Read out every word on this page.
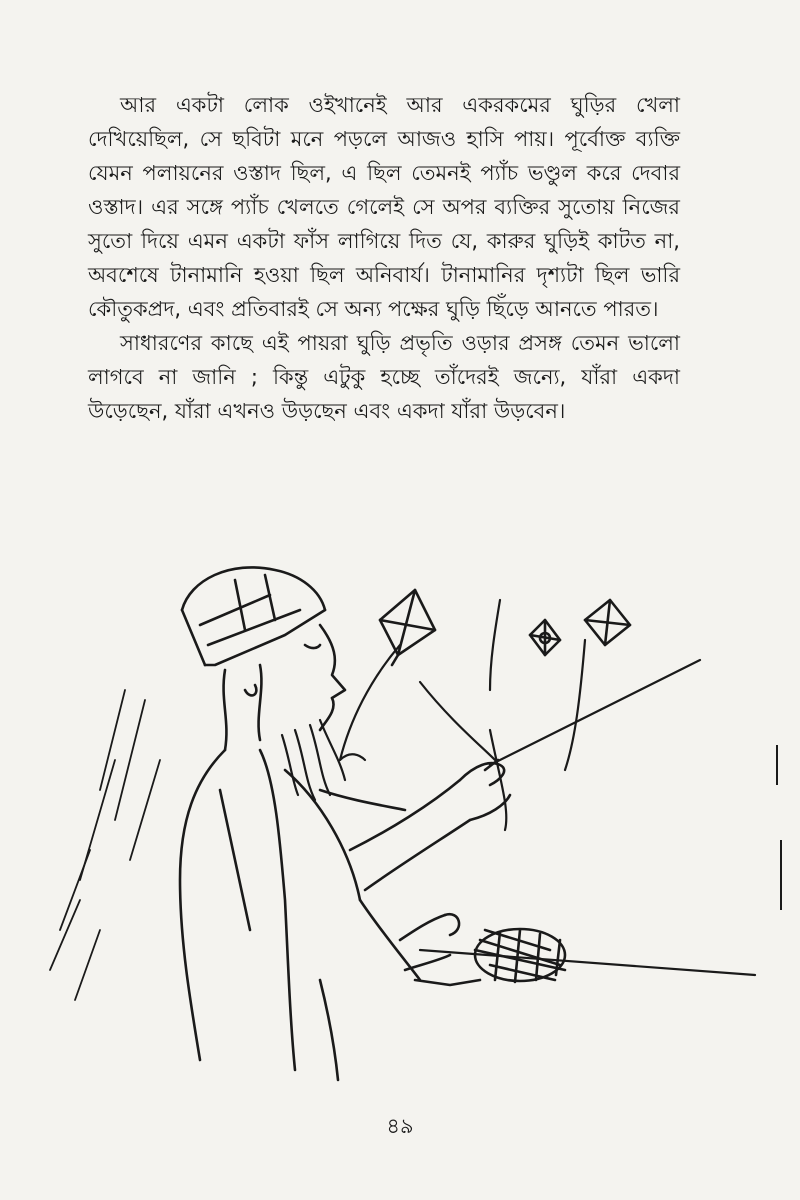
আর একটা লোক ওইখানেই আর একরকমের ঘুড়ির খেলা দেখিয়েছিল, সে ছবিটা মনে পড়লে আজও হাসি পায়। পূর্বোক্ত ব্যক্তি যেমন পলায়নের ওস্তাদ ছিল, এ ছিল তেমনই প্যাঁচ ভণ্ডুল করে দেবার ওস্তাদ। এর সঙ্গে প্যাঁচ খেলতে গেলেই সে অপর ব্যক্তির সুতোয় নিজের সুতো দিয়ে এমন একটা ফাঁস লাগিয়ে দিত যে, কারুর ঘুড়িই কাটত না, অবশেষে টানামানি হওয়া ছিল অনিবার্য। টানামানির দৃশ্যটা ছিল ভারি কৌতুকপ্রদ, এবং প্রতিবারই সে অন্য পক্ষের ঘুড়ি ছিঁড়ে আনতে পারত।

সাধারণের কাছে এই পায়রা ঘুড়ি প্রভৃতি ওড়ার প্রসঙ্গ তেমন ভালো লাগবে না জানি ; কিন্তু এটুকু হচ্ছে তাঁদেরই জন্যে, যাঁরা একদা উড়েছেন, যাঁরা এখনও উড়ছেন এবং একদা যাঁরা উড়বেন।

৪৯
